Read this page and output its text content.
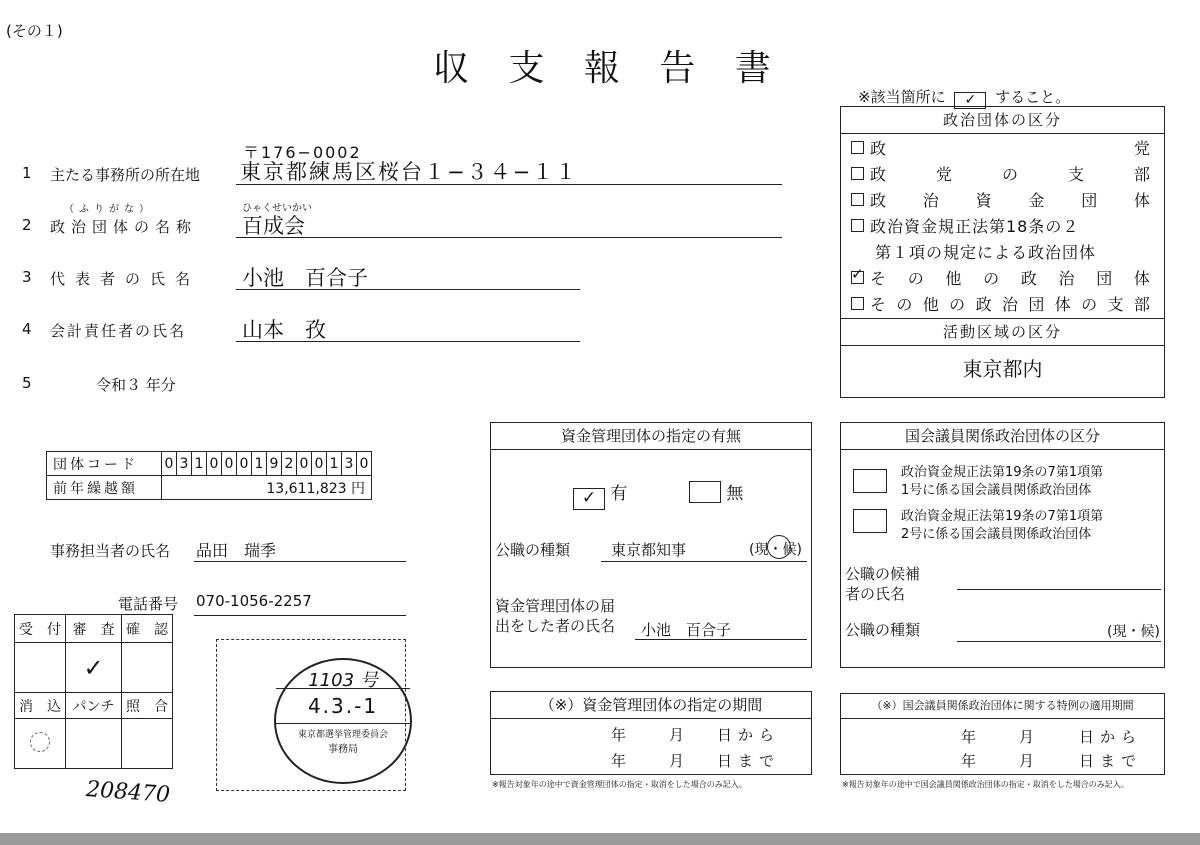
(その１)
収 支 報 告 書
※該当箇所に ✓ すること。
〒176−0002
1 主たる事務所の所在地 東京都練馬区桜台１−３４−１１
（ふりがな）	ひゃくせいかい
2 政治団体の名称 百成会
3 代表者の氏名 小池　百合子
4 会計責任者の氏名	山本　孜
5	令和３ 年分
政治団体の区分
政	党
政	党	の	支	部
政 治 資 金 団 体
政治資金規正法第18条の２
第１項の規定による政治団体
✓
そ の 他 の 政 治 団 体
そ の 他 の 政 治 団 体 の 支 部
活動区域の区分
東京都内
団体コード	0	3	1	0	0	0	1	9	2	0	0	1	3	0
前年繰越額	13,611,823 円													
事務担当者の氏名 品田　瑞季
電話番号 070-1056-2257
受　付	審　査	確　認
	✓	
消　込	パンチ	照　合

208470
1103 号
4.3.-1
東京都選挙管理委員会
事務局
資金管理団体の指定の有無
✓ 有	無
公職の種類	東京都知事	(現・候)
資金管理団体の届
出をした者の氏名 小池　百合子
（※）資金管理団体の指定の期間
年	月 日から
年	月 日まで
※報告対象年の途中で資金管理団体の指定・取消をした場合のみ記入。
国会議員関係政治団体の区分
政治資金規正法第19条の7第1項第
1号に係る国会議員関係政治団体
政治資金規正法第19条の7第1項第
2号に係る国会議員関係政治団体
公職の候補
者の氏名
公職の種類	(現・候)
（※）国会議員関係政治団体に関する特例の適用期間
年	月	日から
年	月	日まで
※報告対象年の途中で国会議員関係政治団体の指定・取消をした場合のみ記入。
